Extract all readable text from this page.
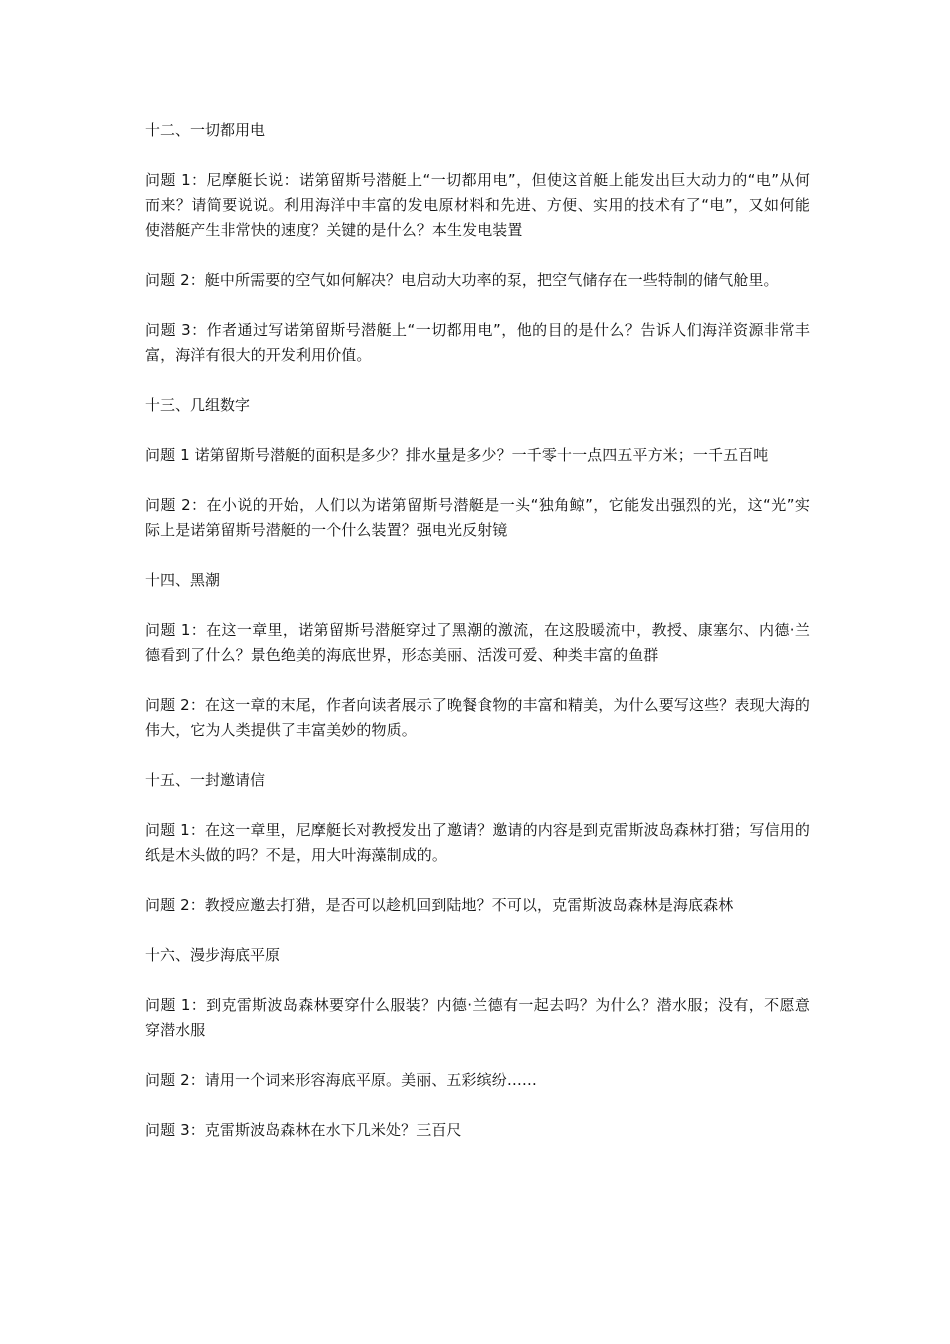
十二、一切都用电
问题 1：尼摩艇长说：诺第留斯号潜艇上“一切都用电”，但使这首艇上能发出巨大动力的“电”从何而来？请简要说说。利用海洋中丰富的发电原材料和先进、方便、实用的技术有了“电”，又如何能使潜艇产生非常快的速度？关键的是什么？本生发电装置
问题 2：艇中所需要的空气如何解决？电启动大功率的泵，把空气储存在一些特制的储气舱里。
问题 3：作者通过写诺第留斯号潜艇上“一切都用电”，他的目的是什么？告诉人们海洋资源非常丰富，海洋有很大的开发利用价值。
十三、几组数字
问题 1 诺第留斯号潜艇的面积是多少？排水量是多少？一千零十一点四五平方米；一千五百吨
问题 2：在小说的开始，人们以为诺第留斯号潜艇是一头“独角鲸”，它能发出强烈的光，这“光”实际上是诺第留斯号潜艇的一个什么装置？强电光反射镜
十四、黑潮
问题 1：在这一章里，诺第留斯号潜艇穿过了黑潮的激流，在这股暖流中，教授、康塞尔、内德·兰德看到了什么？景色绝美的海底世界，形态美丽、活泼可爱、种类丰富的鱼群
问题 2：在这一章的末尾，作者向读者展示了晚餐食物的丰富和精美，为什么要写这些？表现大海的伟大，它为人类提供了丰富美妙的物质。
十五、一封邀请信
问题 1：在这一章里，尼摩艇长对教授发出了邀请？邀请的内容是到克雷斯波岛森林打猎；写信用的纸是木头做的吗？不是，用大叶海藻制成的。
问题 2：教授应邀去打猎，是否可以趁机回到陆地？不可以，克雷斯波岛森林是海底森林
十六、漫步海底平原
问题 1：到克雷斯波岛森林要穿什么服装？内德·兰德有一起去吗？为什么？潜水服；没有，不愿意穿潜水服
问题 2：请用一个词来形容海底平原。美丽、五彩缤纷……
问题 3：克雷斯波岛森林在水下几米处？三百尺
